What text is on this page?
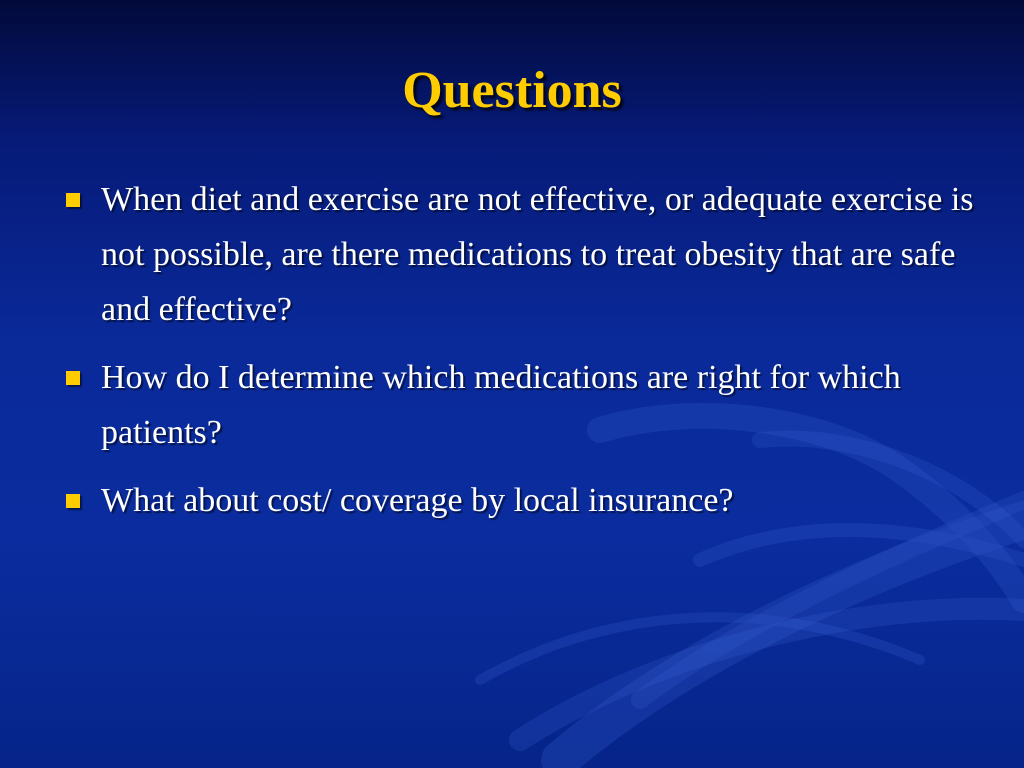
Questions
When diet and exercise are not effective, or adequate exercise is not possible, are there medications to treat obesity that are safe and effective?
How do I determine which medications are right for which patients?
What about cost/ coverage by local insurance?
